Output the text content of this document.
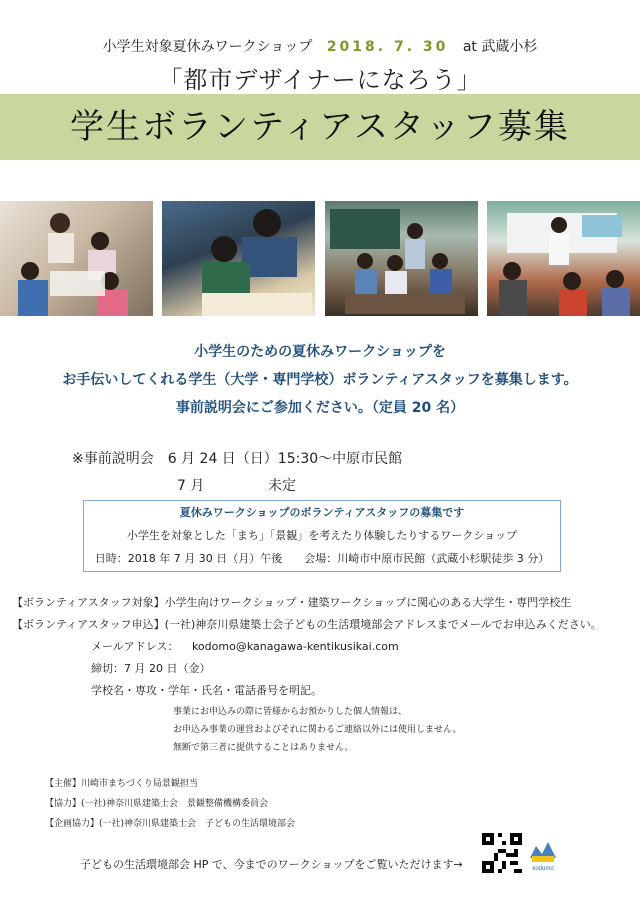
小学生対象夏休みワークショップ 2018. 7. 30 at 武蔵小杉
「都市デザイナーになろう」
学生ボランティアスタッフ募集
小学生のための夏休みワークショップを
お手伝いしてくれる学生（大学・専門学校）ボランティアスタッフを募集します。
事前説明会にご参加ください。（定員 20 名）
※事前説明会　6 月 24 日（日）15:30～中原市民館
7 月	未定
夏休みワークショップのボランティアスタッフの募集です
小学生を対象とした「まち」「景観」を考えたり体験したりするワークショップ
日時：2018 年 7 月 30 日（月）午後　　会場：川崎市中原市民館（武蔵小杉駅徒歩 3 分）
【ボランティアスタッフ対象】小学生向けワークショップ・建築ワークショップに関心のある大学生・専門学校生
【ボランティアスタッフ申込】(一社)神奈川県建築士会子どもの生活環境部会アドレスまでメールでお申込みください。
メールアドレス： kodomo@kanagawa-kentikusikai.com
締切：7 月 20 日（金）
学校名・専攻・学年・氏名・電話番号を明記。
事業にお申込みの際に皆様からお預かりした個人情報は、
お申込み事業の運営およびそれに関わるご連絡以外には使用しません。
無断で第三者に提供することはありません。
【主催】川崎市まちづくり局景観担当
【協力】(一社)神奈川県建築士会　景観整備機構委員会
【企画協力】(一社)神奈川県建築士会　子どもの生活環境部会
子どもの生活環境部会 HP で、今までのワークショップをご覧いただけます→	kodomo
